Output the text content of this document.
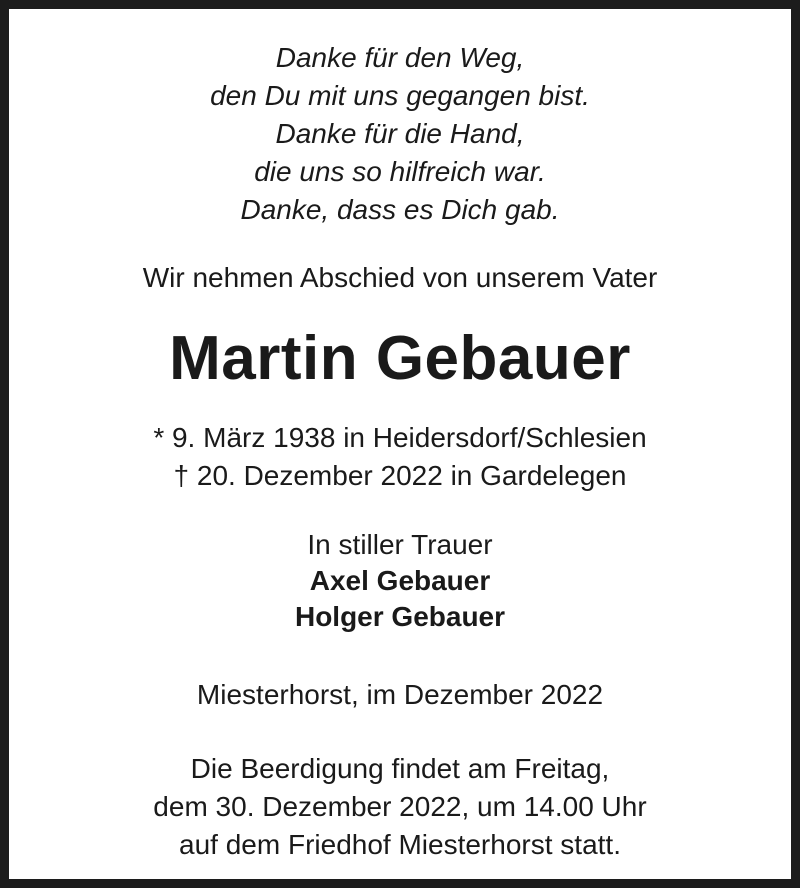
Danke für den Weg,
den Du mit uns gegangen bist.
Danke für die Hand,
die uns so hilfreich war.
Danke, dass es Dich gab.
Wir nehmen Abschied von unserem Vater
Martin Gebauer
* 9. März 1938 in Heidersdorf/Schlesien
† 20. Dezember 2022 in Gardelegen
In stiller Trauer
Axel Gebauer
Holger Gebauer
Miesterhorst, im Dezember 2022
Die Beerdigung findet am Freitag,
dem 30. Dezember 2022, um 14.00 Uhr
auf dem Friedhof Miesterhorst statt.
